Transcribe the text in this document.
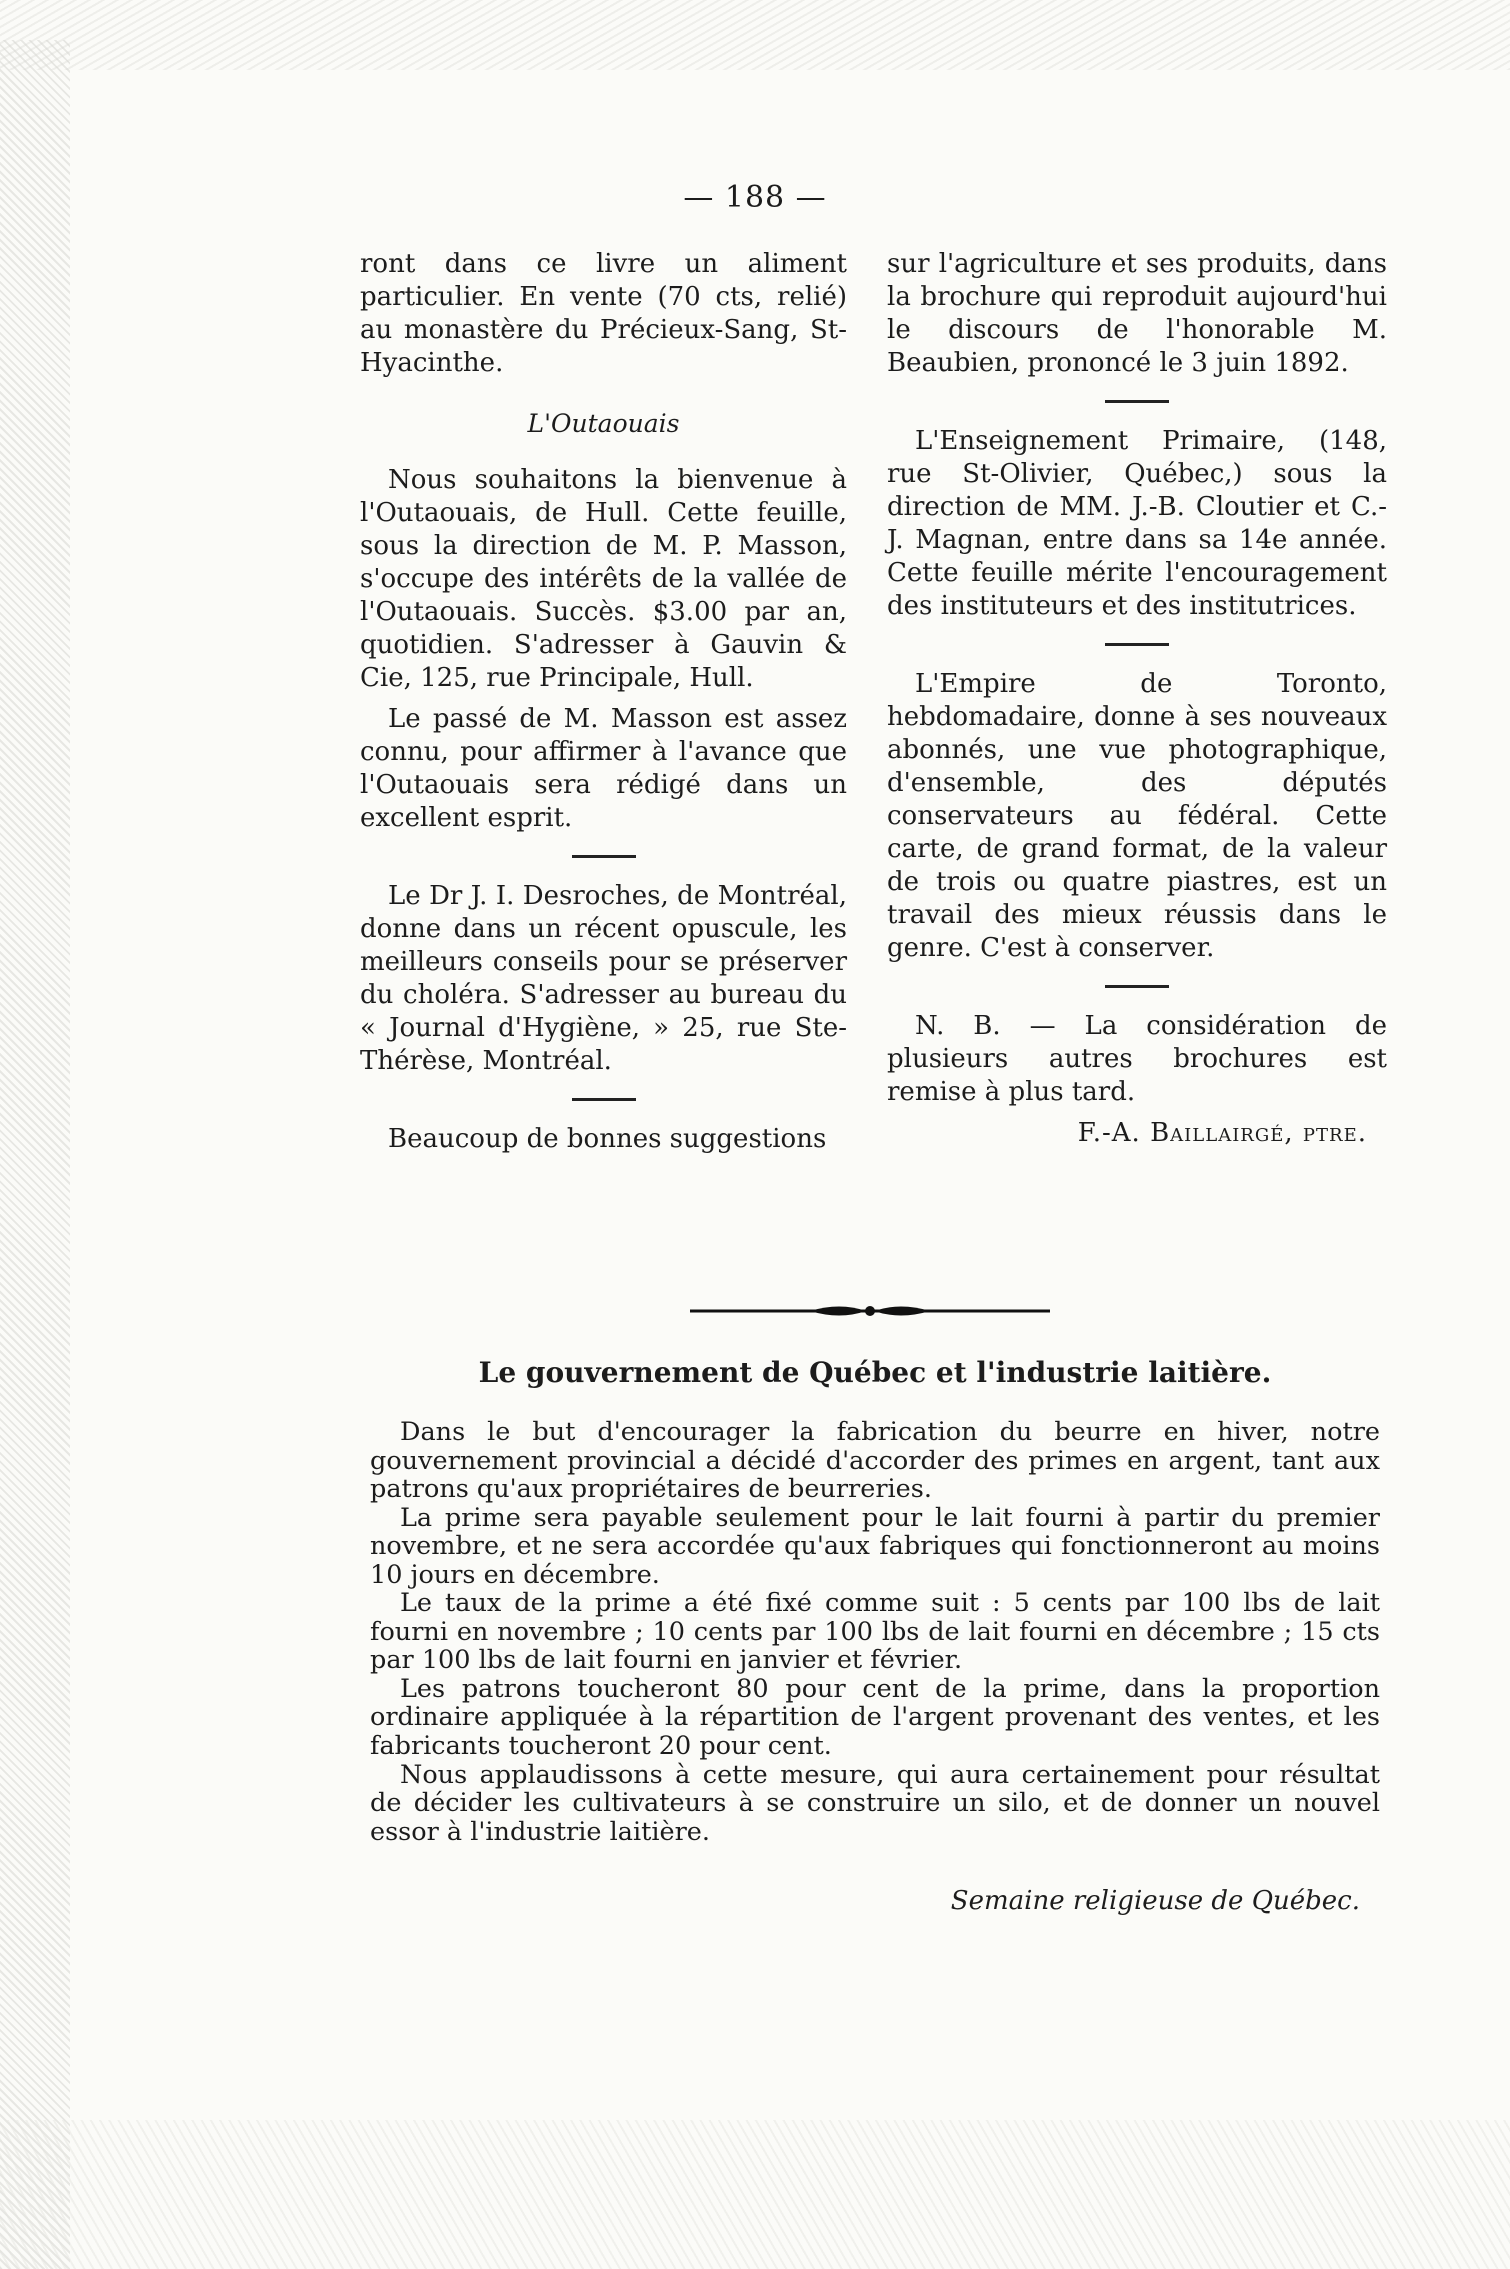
— 188 —

ront dans ce livre un aliment particulier. En vente (70 cts, relié) au monastère du Précieux-Sang, St-Hyacinthe.

L'Outaouais

Nous souhaitons la bienvenue à l'Outaouais, de Hull. Cette feuille, sous la direction de M. P. Masson, s'occupe des intérêts de la vallée de l'Outaouais. Succès. $3.00 par an, quotidien. S'adresser à Gauvin & Cie, 125, rue Principale, Hull.

Le passé de M. Masson est assez connu, pour affirmer à l'avance que l'Outaouais sera rédigé dans un excellent esprit.

Le Dr J. I. Desroches, de Montréal, donne dans un récent opuscule, les meilleurs conseils pour se préserver du choléra. S'adresser au bureau du « Journal d'Hygiène, » 25, rue Ste-Thérèse, Montréal.

Beaucoup de bonnes suggestions

sur l'agriculture et ses produits, dans la brochure qui reproduit aujourd'hui le discours de l'honorable M. Beaubien, prononcé le 3 juin 1892.

L'Enseignement Primaire, (148, rue St-Olivier, Québec,) sous la direction de MM. J.-B. Cloutier et C.-J. Magnan, entre dans sa 14e année. Cette feuille mérite l'encouragement des instituteurs et des institutrices.

L'Empire de Toronto, hebdomadaire, donne à ses nouveaux abonnés, une vue photographique, d'ensemble, des députés conservateurs au fédéral. Cette carte, de grand format, de la valeur de trois ou quatre piastres, est un travail des mieux réussis dans le genre. C'est à conserver.

N. B. — La considération de plusieurs autres brochures est remise à plus tard.

F.-A. Baillairgé, ptre.
Le gouvernement de Québec et l'industrie laitière.

Dans le but d'encourager la fabrication du beurre en hiver, notre gouvernement provincial a décidé d'accorder des primes en argent, tant aux patrons qu'aux propriétaires de beurreries.

La prime sera payable seulement pour le lait fourni à partir du premier novembre, et ne sera accordée qu'aux fabriques qui fonctionneront au moins 10 jours en décembre.

Le taux de la prime a été fixé comme suit : 5 cents par 100 lbs de lait fourni en novembre ; 10 cents par 100 lbs de lait fourni en décembre ; 15 cts par 100 lbs de lait fourni en janvier et février.

Les patrons toucheront 80 pour cent de la prime, dans la proportion ordinaire appliquée à la répartition de l'argent provenant des ventes, et les fabricants toucheront 20 pour cent.

Nous applaudissons à cette mesure, qui aura certainement pour résultat de décider les cultivateurs à se construire un silo, et de donner un nouvel essor à l'industrie laitière.

Semaine religieuse de Québec.
